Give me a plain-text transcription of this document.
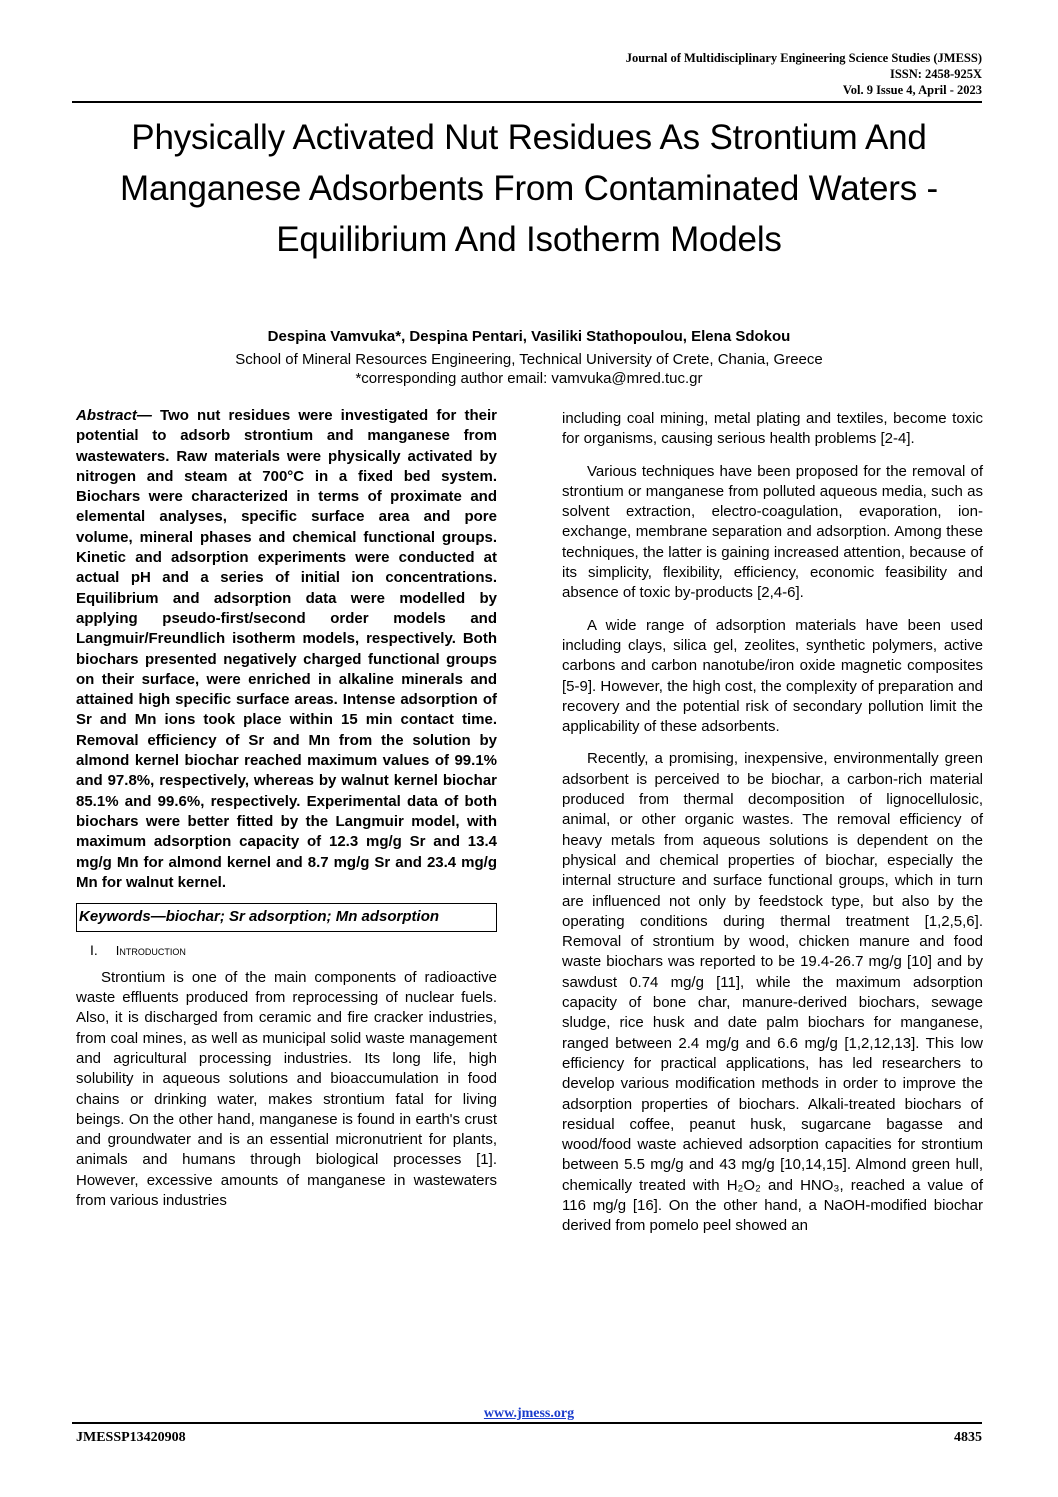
Journal of Multidisciplinary Engineering Science Studies (JMESS)
ISSN: 2458-925X
Vol. 9 Issue 4, April - 2023
Physically Activated Nut Residues As Strontium And Manganese Adsorbents From Contaminated Waters - Equilibrium And Isotherm Models
Despina Vamvuka*, Despina Pentari, Vasiliki Stathopoulou, Elena Sdokou
School of Mineral Resources Engineering, Technical University of Crete, Chania, Greece
*corresponding author email: vamvuka@mred.tuc.gr
Abstract— Two nut residues were investigated for their potential to adsorb strontium and manganese from wastewaters. Raw materials were physically activated by nitrogen and steam at 700°C in a fixed bed system. Biochars were characterized in terms of proximate and elemental analyses, specific surface area and pore volume, mineral phases and chemical functional groups. Kinetic and adsorption experiments were conducted at actual pH and a series of initial ion concentrations. Equilibrium and adsorption data were modelled by applying pseudo-first/second order models and Langmuir/Freundlich isotherm models, respectively. Both biochars presented negatively charged functional groups on their surface, were enriched in alkaline minerals and attained high specific surface areas. Intense adsorption of Sr and Mn ions took place within 15 min contact time. Removal efficiency of Sr and Mn from the solution by almond kernel biochar reached maximum values of 99.1% and 97.8%, respectively, whereas by walnut kernel biochar 85.1% and 99.6%, respectively. Experimental data of both biochars were better fitted by the Langmuir model, with maximum adsorption capacity of 12.3 mg/g Sr and 13.4 mg/g Mn for almond kernel and 8.7 mg/g Sr and 23.4 mg/g Mn for walnut kernel.
Keywords—biochar; Sr adsorption; Mn adsorption
I. Introduction

Strontium is one of the main components of radioactive waste effluents produced from reprocessing of nuclear fuels. Also, it is discharged from ceramic and fire cracker industries, from coal mines, as well as municipal solid waste management and agricultural processing industries. Its long life, high solubility in aqueous solutions and bioaccumulation in food chains or drinking water, makes strontium fatal for living beings. On the other hand, manganese is found in earth's crust and groundwater and is an essential micronutrient for plants, animals and humans through biological processes [1]. However, excessive amounts of manganese in wastewaters from various industries

including coal mining, metal plating and textiles, become toxic for organisms, causing serious health problems [2-4].

Various techniques have been proposed for the removal of strontium or manganese from polluted aqueous media, such as solvent extraction, electro-coagulation, evaporation, ion-exchange, membrane separation and adsorption. Among these techniques, the latter is gaining increased attention, because of its simplicity, flexibility, efficiency, economic feasibility and absence of toxic by-products [2,4-6].

A wide range of adsorption materials have been used including clays, silica gel, zeolites, synthetic polymers, active carbons and carbon nanotube/iron oxide magnetic composites [5-9]. However, the high cost, the complexity of preparation and recovery and the potential risk of secondary pollution limit the applicability of these adsorbents.

Recently, a promising, inexpensive, environmentally green adsorbent is perceived to be biochar, a carbon-rich material produced from thermal decomposition of lignocellulosic, animal, or other organic wastes. The removal efficiency of heavy metals from aqueous solutions is dependent on the physical and chemical properties of biochar, especially the internal structure and surface functional groups, which in turn are influenced not only by feedstock type, but also by the operating conditions during thermal treatment [1,2,5,6]. Removal of strontium by wood, chicken manure and food waste biochars was reported to be 19.4-26.7 mg/g [10] and by sawdust 0.74 mg/g [11], while the maximum adsorption capacity of bone char, manure-derived biochars, sewage sludge, rice husk and date palm biochars for manganese, ranged between 2.4 mg/g and 6.6 mg/g [1,2,12,13]. This low efficiency for practical applications, has led researchers to develop various modification methods in order to improve the adsorption properties of biochars. Alkali-treated biochars of residual coffee, peanut husk, sugarcane bagasse and wood/food waste achieved adsorption capacities for strontium between 5.5 mg/g and 43 mg/g [10,14,15]. Almond green hull, chemically treated with H₂O₂ and HNO₃, reached a value of 116 mg/g [16]. On the other hand, a NaOH-modified biochar derived from pomelo peel showed an

www.jmess.org
JMESSP13420908	4835
